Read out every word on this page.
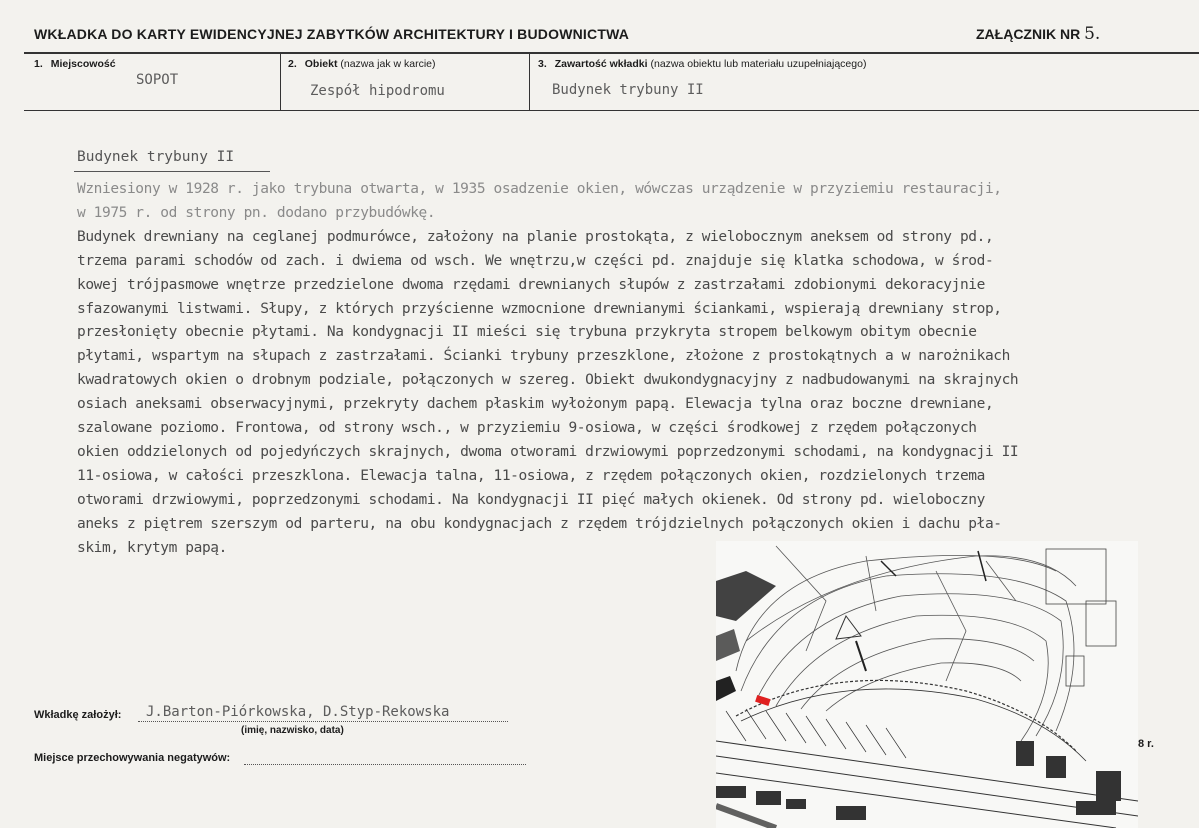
WKŁADKA DO KARTY EWIDENCYJNEJ ZABYTKÓW ARCHITEKTURY I BUDOWNICTWA	ZAŁĄCZNIK NR 5.
1. Miejscowość
SOPOT
2. Obiekt (nazwa jak w karcie)
Zespół hipodromu
3. Zawartość wkładki (nazwa obiektu lub materiału uzupełniającego)
Budynek trybuny II
Budynek trybuny II
Wzniesiony w 1928 r. jako trybuna otwarta, w 1935 osadzenie okien, wówczas urządzenie w przyziemiu restauracji,
w 1975 r. od strony pn. dodano przybudówkę.
Budynek drewniany na ceglanej podmurówce, założony na planie prostokąta, z wielobocznym aneksem od strony pd.,
trzema parami schodów od zach. i dwiema od wsch. We wnętrzu,w części pd. znajduje się klatka schodowa, w środ-
kowej trójpasmowe wnętrze przedzielone dwoma rzędami drewnianych słupów z zastrzałami zdobionymi dekoracyjnie
sfazowanymi listwami. Słupy, z których przyścienne wzmocnione drewnianymi ściankami, wspierają drewniany strop,
przesłonięty obecnie płytami. Na kondygnacji II mieści się trybuna przykryta stropem belkowym obitym obecnie
płytami, wspartym na słupach z zastrzałami. Ścianki trybuny przeszklone, złożone z prostokątnych a w narożnikach
kwadratowych okien o drobnym podziale, połączonych w szereg. Obiekt dwukondygnacyjny z nadbudowanymi na skrajnych
osiach aneksami obserwacyjnymi, przekryty dachem płaskim wyłożonym papą. Elewacja tylna oraz boczne drewniane,
szalowane poziomo. Frontowa, od strony wsch., w przyziemiu 9-osiowa, w części środkowej z rzędem połączonych
okien oddzielonych od pojedyńczych skrajnych, dwoma otworami drzwiowymi poprzedzonymi schodami, na kondygnacji II
11-osiowa, w całości przeszklona. Elewacja talna, 11-osiowa, z rzędem połączonych okien, rozdzielonych trzema
otworami drzwiowymi, poprzedzonymi schodami. Na kondygnacji II pięć małych okienek. Od strony pd. wieloboczny
aneks z piętrem szerszym od parteru, na obu kondygnacjach z rzędem trójdzielnych połączonych okien i dachu pła-
skim, krytym papą.
Wkładkę założył: J.Barton-Piórkowska, D.Styp-Rekowska
(imię, nazwisko, data)
Miejsce przechowywania negatywów:
8 r.
